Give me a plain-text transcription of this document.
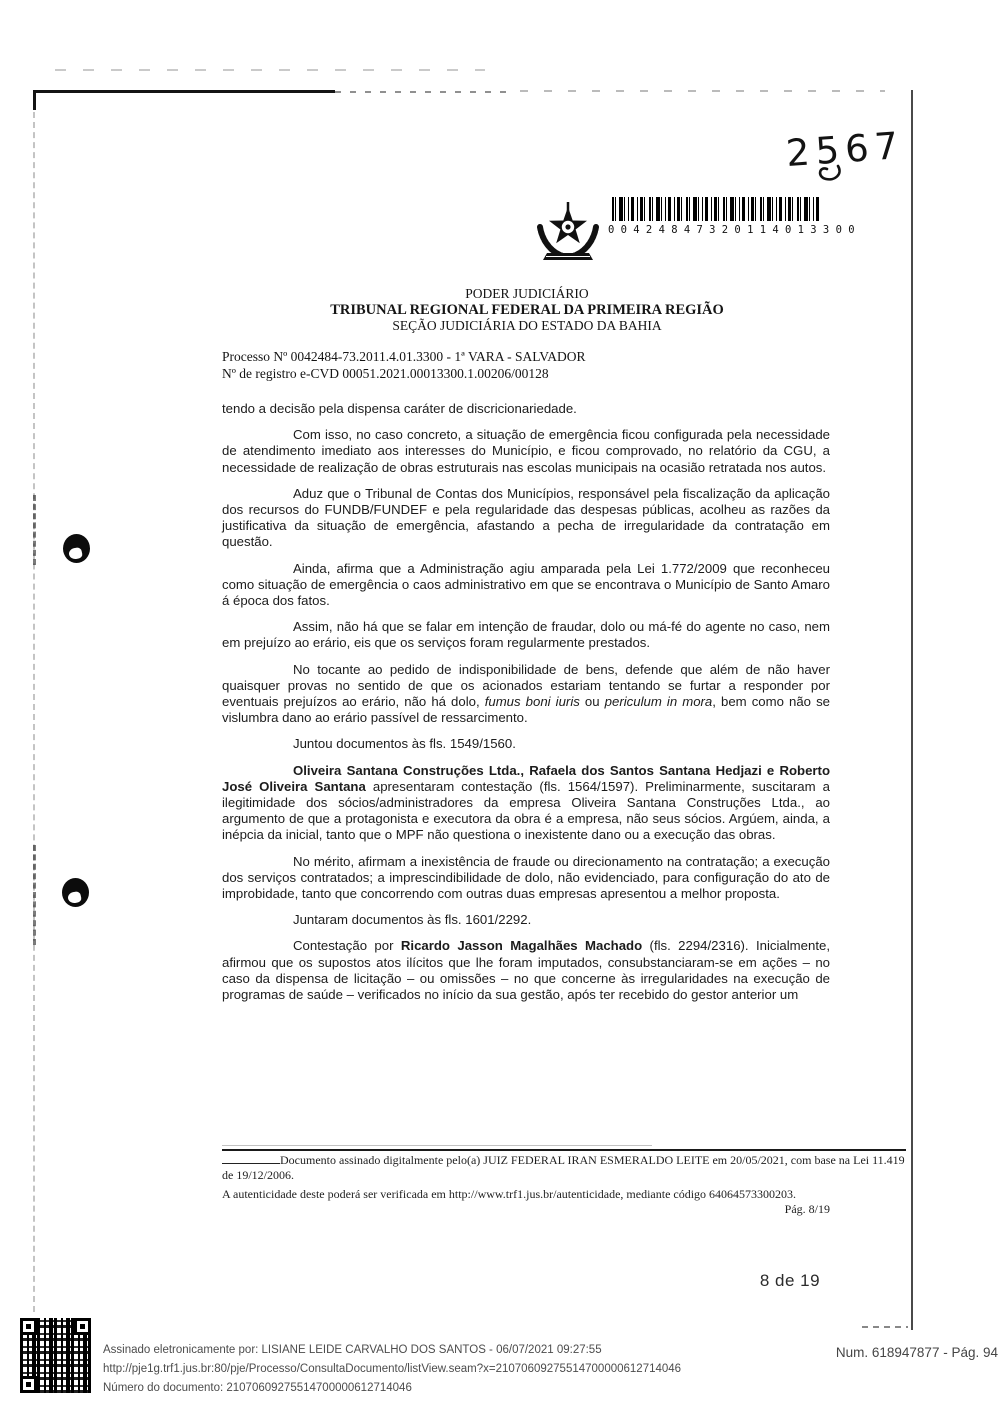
2567
0 0 4 2 4 8 4 7 3 2 0 1 1 4 0 1 3 3 0 0
PODER JUDICIÁRIO
TRIBUNAL REGIONAL FEDERAL DA PRIMEIRA REGIÃO
SEÇÃO JUDICIÁRIA DO ESTADO DA BAHIA
Processo Nº 0042484-73.2011.4.01.3300 - 1ª VARA - SALVADOR
Nº de registro e-CVD 00051.2021.00013300.1.00206/00128
tendo a decisão pela dispensa caráter de discricionariedade.
Com isso, no caso concreto, a situação de emergência ficou configurada pela necessidade de atendimento imediato aos interesses do Município, e ficou comprovado, no relatório da CGU, a necessidade de realização de obras estruturais nas escolas municipais na ocasião retratada nos autos.
Aduz que o Tribunal de Contas dos Municípios, responsável pela fiscalização da aplicação dos recursos do FUNDB/FUNDEF e pela regularidade das despesas públicas, acolheu as razões da justificativa da situação de emergência, afastando a pecha de irregularidade da contratação em questão.
Ainda, afirma que a Administração agiu amparada pela Lei 1.772/2009 que reconheceu como situação de emergência o caos administrativo em que se encontrava o Município de Santo Amaro á época dos fatos.
Assim, não há que se falar em intenção de fraudar, dolo ou má-fé do agente no caso, nem em prejuízo ao erário, eis que os serviços foram regularmente prestados.
No tocante ao pedido de indisponibilidade de bens, defende que além de não haver quaisquer provas no sentido de que os acionados estariam tentando se furtar a responder por eventuais prejuízos ao erário, não há dolo, fumus boni iuris ou periculum in mora, bem como não se vislumbra dano ao erário passível de ressarcimento.
Juntou documentos às fls. 1549/1560.
Oliveira Santana Construções Ltda., Rafaela dos Santos Santana Hedjazi e Roberto José Oliveira Santana apresentaram contestação (fls. 1564/1597). Preliminarmente, suscitaram a ilegitimidade dos sócios/administradores da empresa Oliveira Santana Construções Ltda., ao argumento de que a protagonista e executora da obra é a empresa, não seus sócios. Argúem, ainda, a inépcia da inicial, tanto que o MPF não questiona o inexistente dano ou a execução das obras.
No mérito, afirmam a inexistência de fraude ou direcionamento na contratação; a execução dos serviços contratados; a imprescindibilidade de dolo, não evidenciado, para configuração do ato de improbidade, tanto que concorrendo com outras duas empresas apresentou a melhor proposta.
Juntaram documentos às fls. 1601/2292.
Contestação por Ricardo Jasson Magalhães Machado (fls. 2294/2316). Inicialmente, afirmou que os supostos atos ilícitos que lhe foram imputados, consubstanciaram-se em ações – no caso da dispensa de licitação – ou omissões – no que concerne às irregularidades na execução de programas de saúde – verificados no início da sua gestão, após ter recebido do gestor anterior um
Documento assinado digitalmente pelo(a) JUIZ FEDERAL IRAN ESMERALDO LEITE em 20/05/2021, com base na Lei 11.419 de 19/12/2006.
A autenticidade deste poderá ser verificada em http://www.trf1.jus.br/autenticidade, mediante código 64064573300203.
Pág. 8/19
8 de 19
Assinado eletronicamente por: LISIANE LEIDE CARVALHO DOS SANTOS - 06/07/2021 09:27:55
http://pje1g.trf1.jus.br:80/pje/Processo/ConsultaDocumento/listView.seam?x=21070609275514700000612714046
Número do documento: 21070609275514700000612714046
Num. 618947877 - Pág. 94
